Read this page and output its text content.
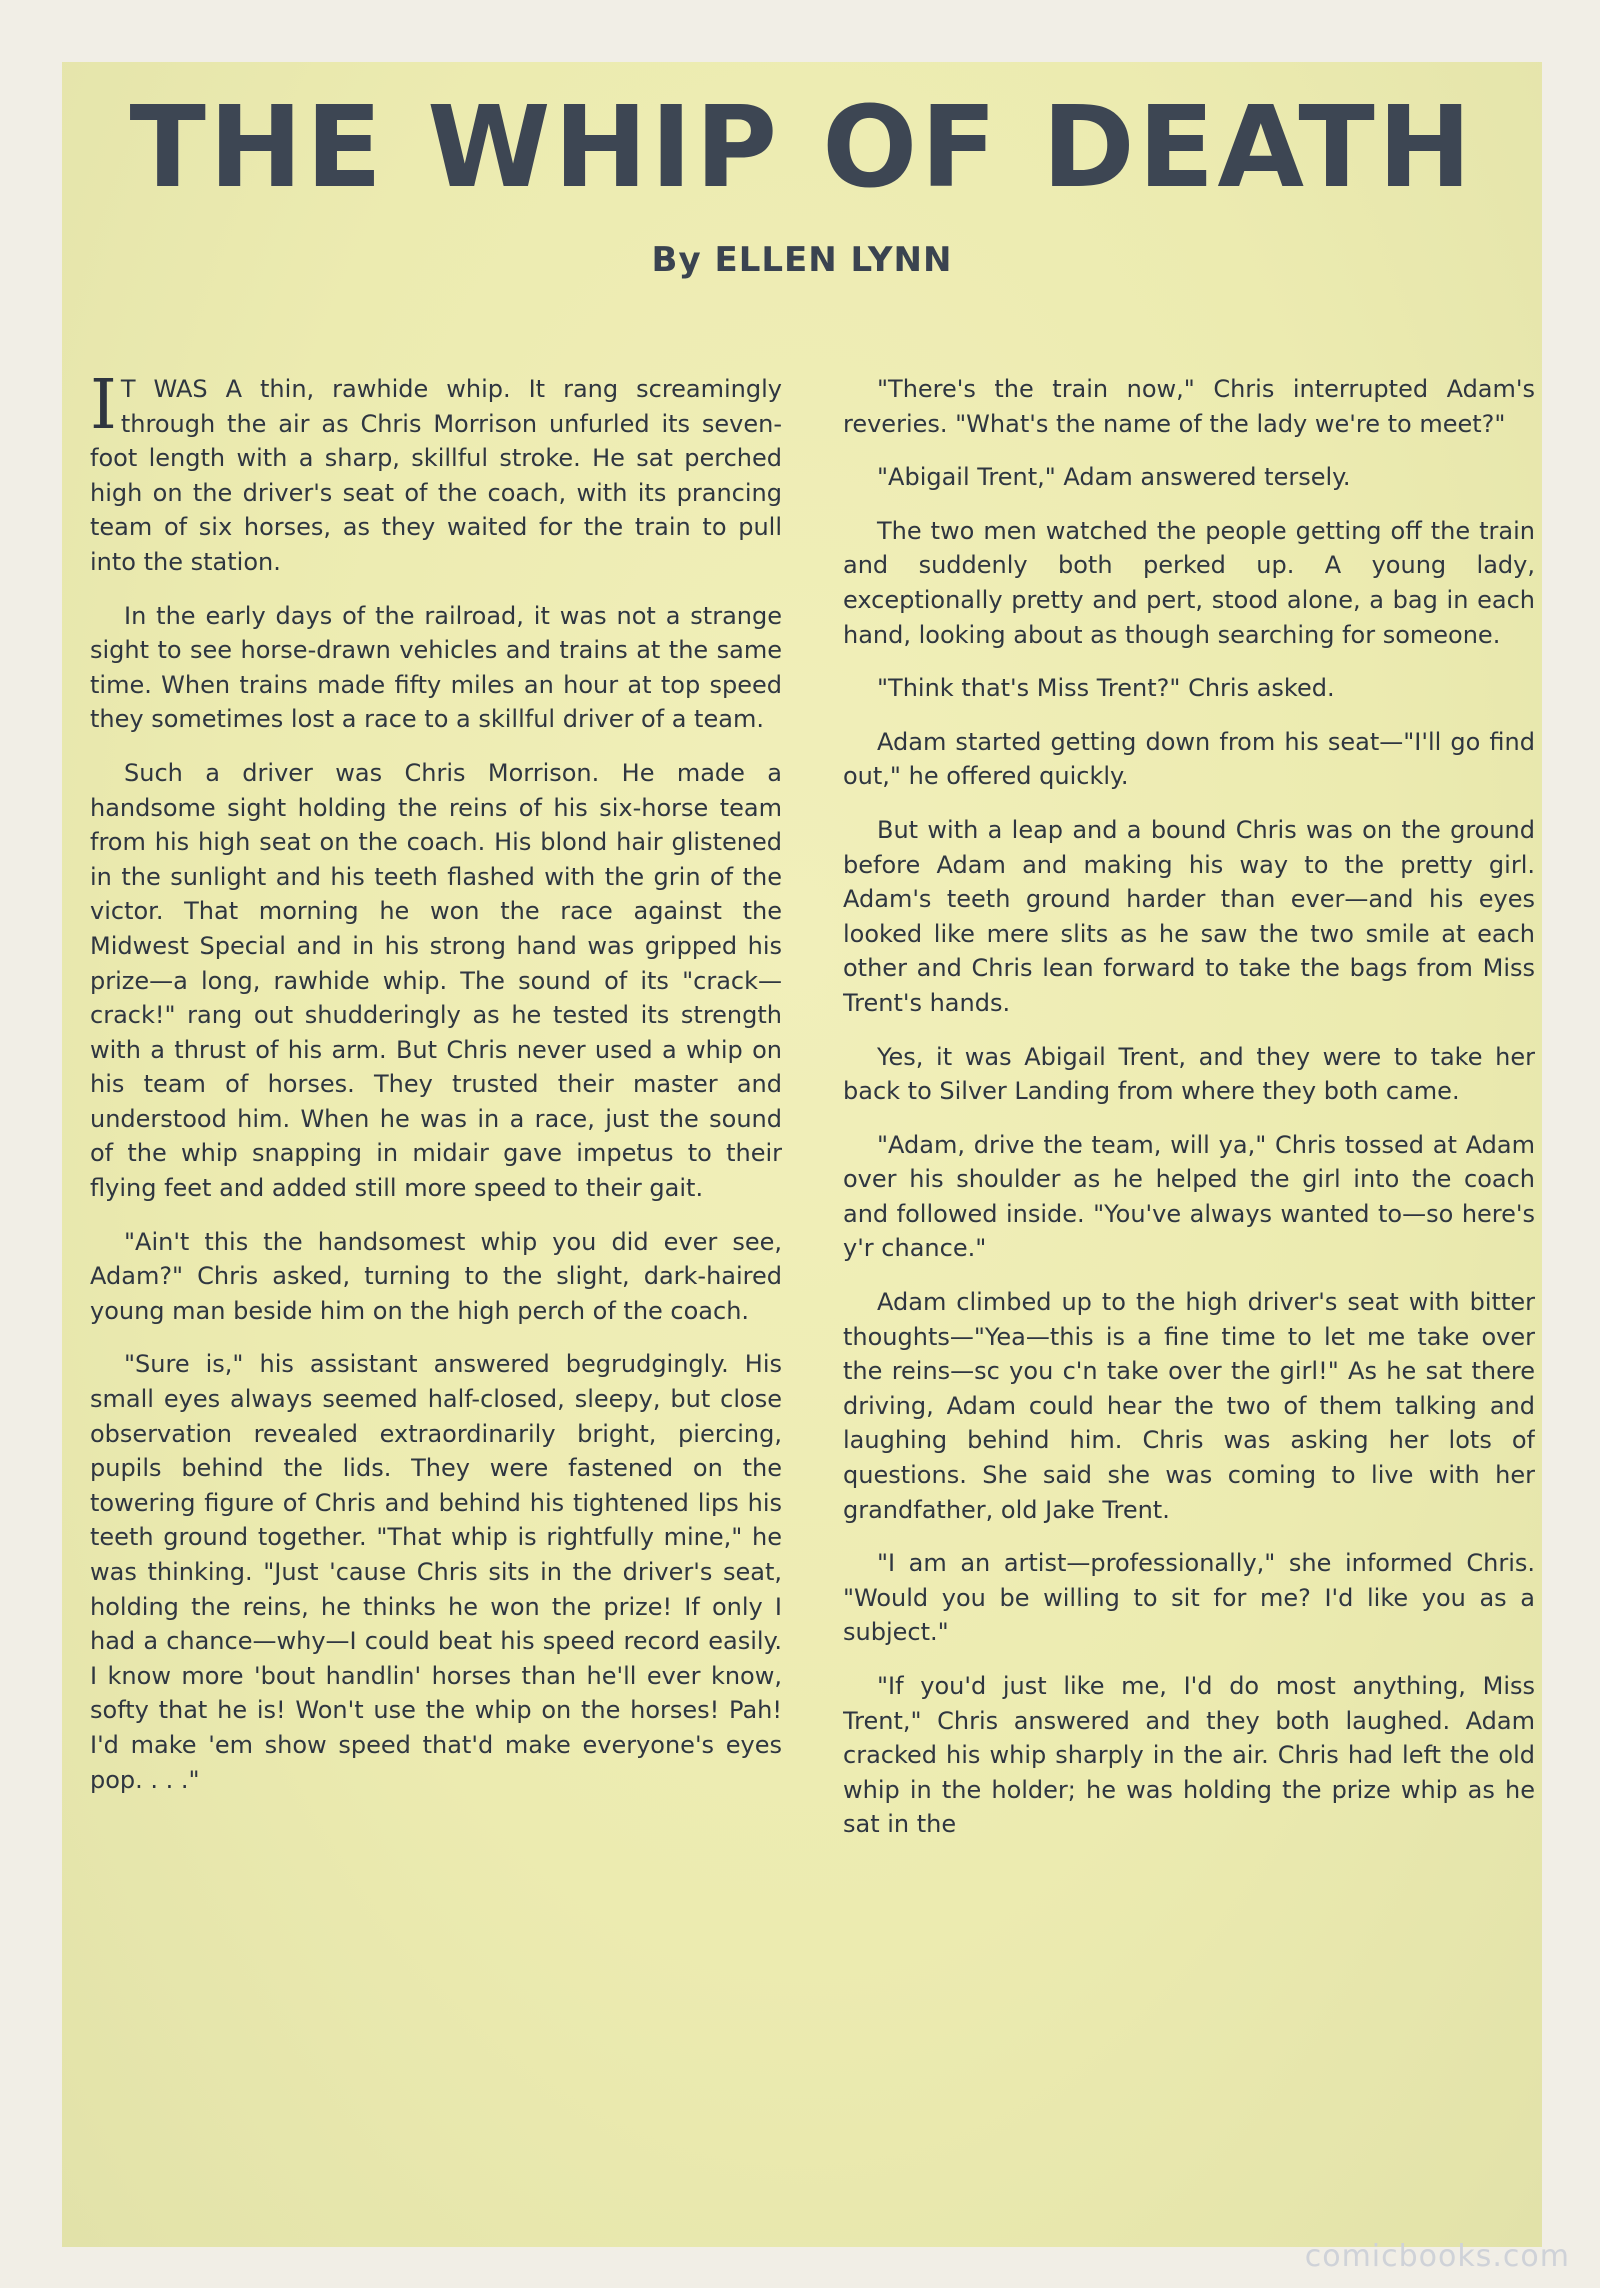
THE WHIP OF DEATH
By ELLEN LYNN

I T WAS A thin, rawhide whip. It rang screamingly through the air as Chris Morrison unfurled its seven-foot length with a sharp, skillful stroke. He sat perched high on the driver's seat of the coach, with its prancing team of six horses, as they waited for the train to pull into the station.

In the early days of the railroad, it was not a strange sight to see horse-drawn vehicles and trains at the same time. When trains made fifty miles an hour at top speed they sometimes lost a race to a skillful driver of a team.

Such a driver was Chris Morrison. He made a handsome sight holding the reins of his six-horse team from his high seat on the coach. His blond hair glistened in the sunlight and his teeth flashed with the grin of the victor. That morning he won the race against the Midwest Special and in his strong hand was gripped his prize—a long, rawhide whip. The sound of its "crack—crack!" rang out shudderingly as he tested its strength with a thrust of his arm. But Chris never used a whip on his team of horses. They trusted their master and understood him. When he was in a race, just the sound of the whip snapping in midair gave impetus to their flying feet and added still more speed to their gait.

"Ain't this the handsomest whip you did ever see, Adam?" Chris asked, turning to the slight, dark-haired young man beside him on the high perch of the coach.

"Sure is," his assistant answered begrudgingly. His small eyes always seemed half-closed, sleepy, but close observation revealed extraordinarily bright, piercing, pupils behind the lids. They were fastened on the towering figure of Chris and behind his tightened lips his teeth ground together. "That whip is rightfully mine," he was thinking. "Just 'cause Chris sits in the driver's seat, holding the reins, he thinks he won the prize! If only I had a chance—why—I could beat his speed record easily. I know more 'bout handlin' horses than he'll ever know, softy that he is! Won't use the whip on the horses! Pah! I'd make 'em show speed that'd make everyone's eyes pop. . . ."

"There's the train now," Chris interrupted Adam's reveries. "What's the name of the lady we're to meet?"

"Abigail Trent," Adam answered tersely.

The two men watched the people getting off the train and suddenly both perked up. A young lady, exceptionally pretty and pert, stood alone, a bag in each hand, looking about as though searching for someone.

"Think that's Miss Trent?" Chris asked.

Adam started getting down from his seat—"I'll go find out," he offered quickly.

But with a leap and a bound Chris was on the ground before Adam and making his way to the pretty girl. Adam's teeth ground harder than ever—and his eyes looked like mere slits as he saw the two smile at each other and Chris lean forward to take the bags from Miss Trent's hands.

Yes, it was Abigail Trent, and they were to take her back to Silver Landing from where they both came.

"Adam, drive the team, will ya," Chris tossed at Adam over his shoulder as he helped the girl into the coach and followed inside. "You've always wanted to—so here's y'r chance."

Adam climbed up to the high driver's seat with bitter thoughts—"Yea—this is a fine time to let me take over the reins—sc you c'n take over the girl!" As he sat there driving, Adam could hear the two of them talking and laughing behind him. Chris was asking her lots of questions. She said she was coming to live with her grandfather, old Jake Trent.

"I am an artist—professionally," she informed Chris. "Would you be willing to sit for me? I'd like you as a subject."

"If you'd just like me, I'd do most anything, Miss Trent," Chris answered and they both laughed. Adam cracked his whip sharply in the air. Chris had left the old whip in the holder; he was holding the prize whip as he sat in the

comicbooks.com
